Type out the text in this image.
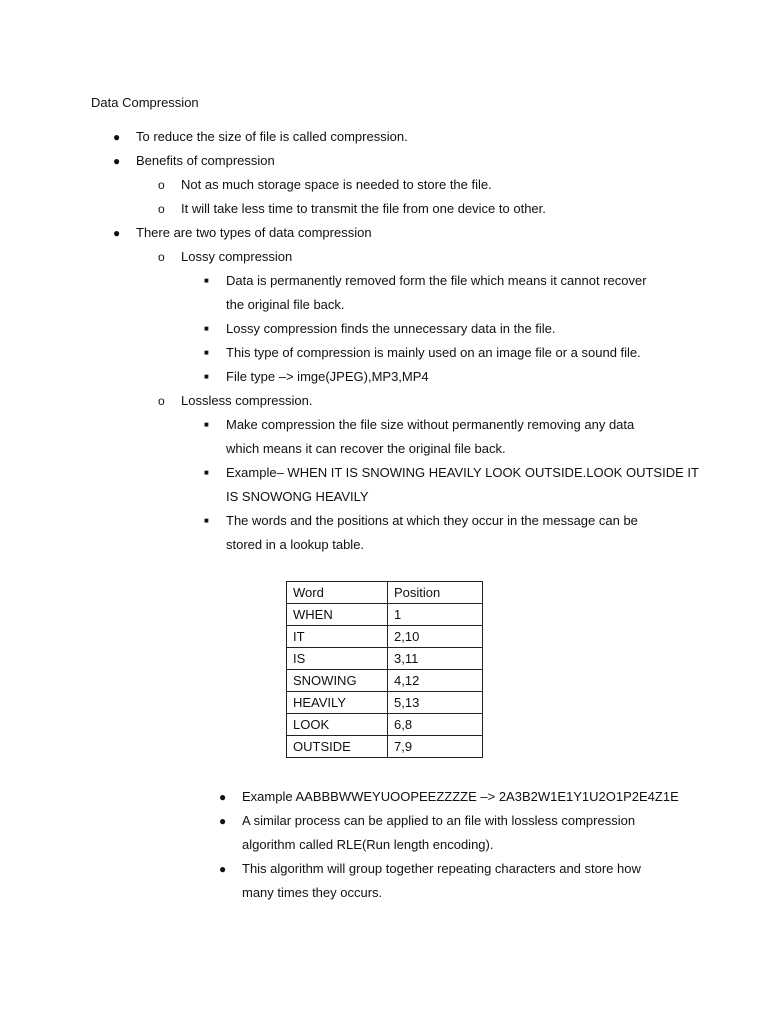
Data Compression
● To reduce the size of file is called compression.
● Benefits of compression
o Not as much storage space is needed to store the file.
o It will take less time to transmit the file from one device to other.
● There are two types of data compression
o Lossy compression
■ Data is permanently removed form the file which means it cannot recover
the original file back.
■ Lossy compression finds the unnecessary data in the file.
■ This type of compression is mainly used on an image file or a sound file.
■ File type –> imge(JPEG),MP3,MP4
o Lossless compression.
■ Make compression the file size without permanently removing any data
which means it can recover the original file back.
■ Example– WHEN IT IS SNOWING HEAVILY LOOK OUTSIDE.LOOK OUTSIDE IT
IS SNOWONG HEAVILY
■ The words and the positions at which they occur in the message can be
stored in a lookup table.
Word	Position
WHEN	1
IT	2,10
IS	3,11
SNOWING	4,12
HEAVILY	5,13
LOOK	6,8
OUTSIDE	7,9
● Example AABBBWWEYUOOPEEZZZZE –> 2A3B2W1E1Y1U2O1P2E4Z1E
● A similar process can be applied to an file with lossless compression
algorithm called RLE(Run length encoding).
● This algorithm will group together repeating characters and store how
many times they occurs.
